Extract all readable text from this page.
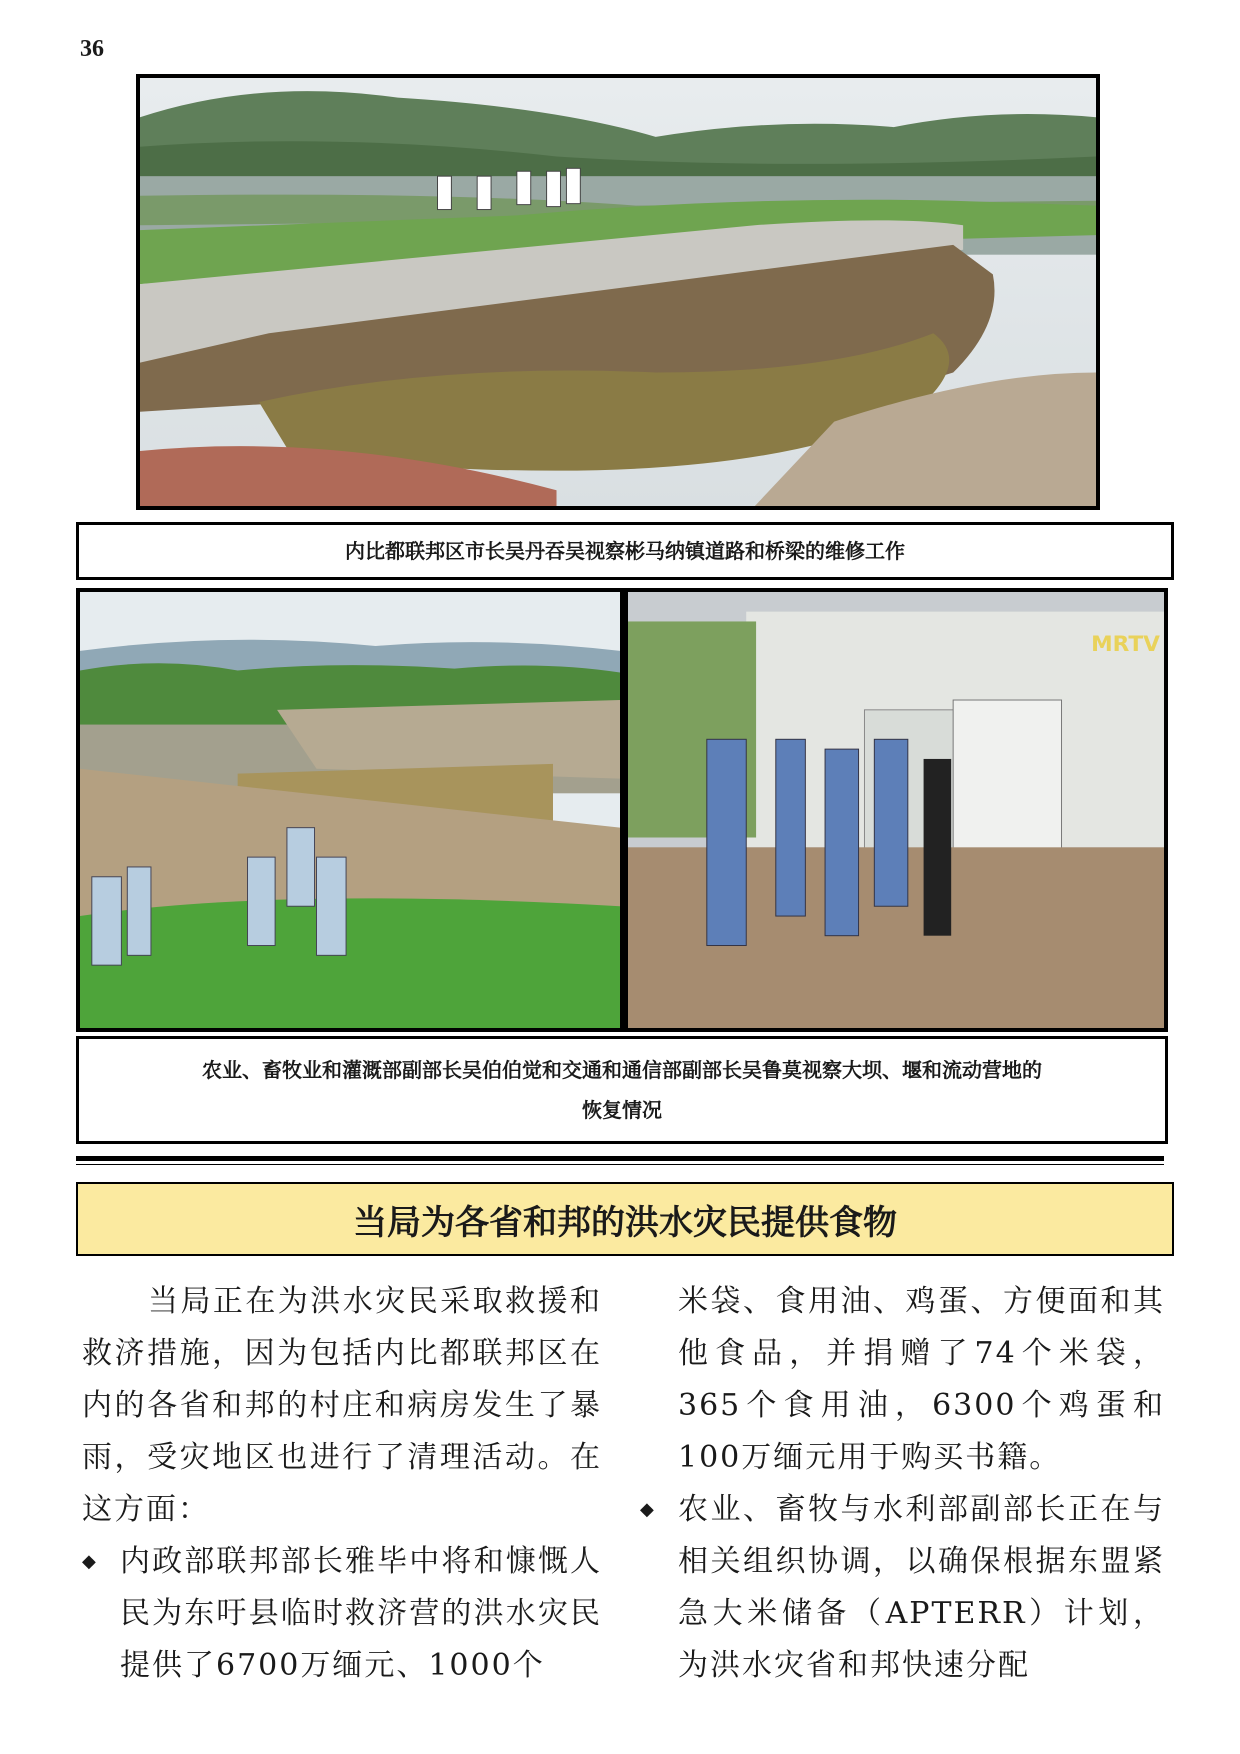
36
内比都联邦区市长吴丹吞吴视察彬马纳镇道路和桥梁的维修工作
MRTV
农业、畜牧业和灌溉部副部长吴伯伯觉和交通和通信部副部长吴鲁莫视察大坝、堰和流动营地的
恢复情况
当局为各省和邦的洪水灾民提供食物

当局正在为洪水灾民采取救援和救济措施，因为包括内比都联邦区在内的各省和邦的村庄和病房发生了暴雨，受灾地区也进行了清理活动。在这方面：

◆ 内政部联邦部长雅毕中将和慷慨人民为东吁县临时救济营的洪水灾民提供了6700万缅元、1000个

米袋、食用油、鸡蛋、方便面和其他食品，并捐赠了74个米袋，365个食用油，6300个鸡蛋和100万缅元用于购买书籍。

◆ 农业、畜牧与水利部副部长正在与相关组织协调，以确保根据东盟紧急大米储备（APTERR）计划，为洪水灾省和邦快速分配
